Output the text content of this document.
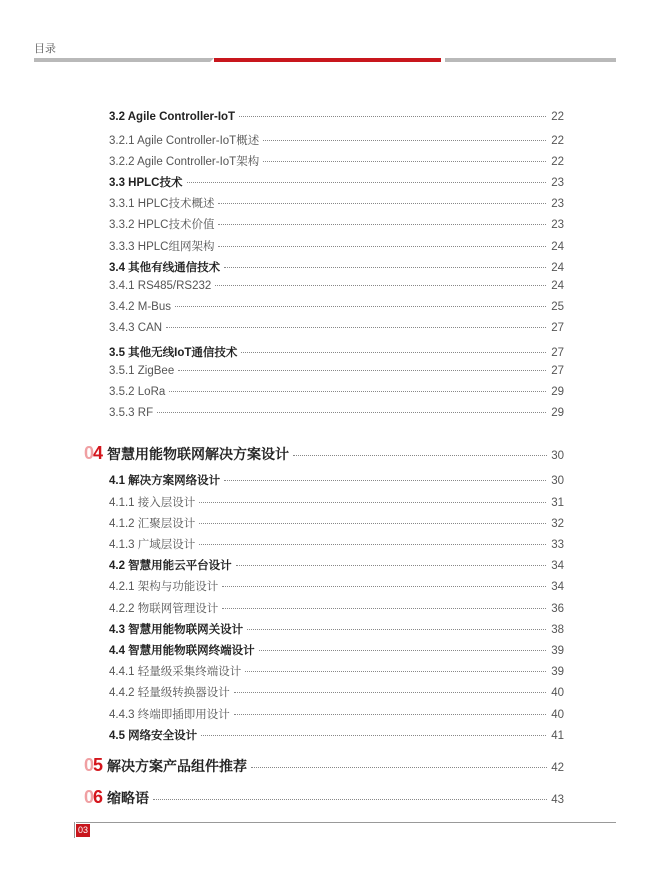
目录
3.2 Agile Controller-IoT	22
3.2.1 Agile Controller-IoT概述	22
3.2.2 Agile Controller-IoT架构	22
3.3 HPLC技术	23
3.3.1 HPLC技术概述	23
3.3.2 HPLC技术价值	23
3.3.3 HPLC组网架构	24
3.4 其他有线通信技术	24
3.4.1 RS485/RS232	24
3.4.2 M-Bus	25
3.4.3 CAN	27
3.5 其他无线IoT通信技术	27
3.5.1 ZigBee	27
3.5.2 LoRa	29
3.5.3 RF	29
04 智慧用能物联网解决方案设计	30
4.1 解决方案网络设计	30
4.1.1 接入层设计	31
4.1.2 汇聚层设计	32
4.1.3 广域层设计	33
4.2 智慧用能云平台设计	34
4.2.1 架构与功能设计	34
4.2.2 物联网管理设计	36
4.3 智慧用能物联网关设计	38
4.4 智慧用能物联网终端设计	39
4.4.1 轻量级采集终端设计	39
4.4.2 轻量级转换器设计	40
4.4.3 终端即插即用设计	40
4.5 网络安全设计	41
05 解决方案产品组件推荐	42
06 缩略语	43
03
